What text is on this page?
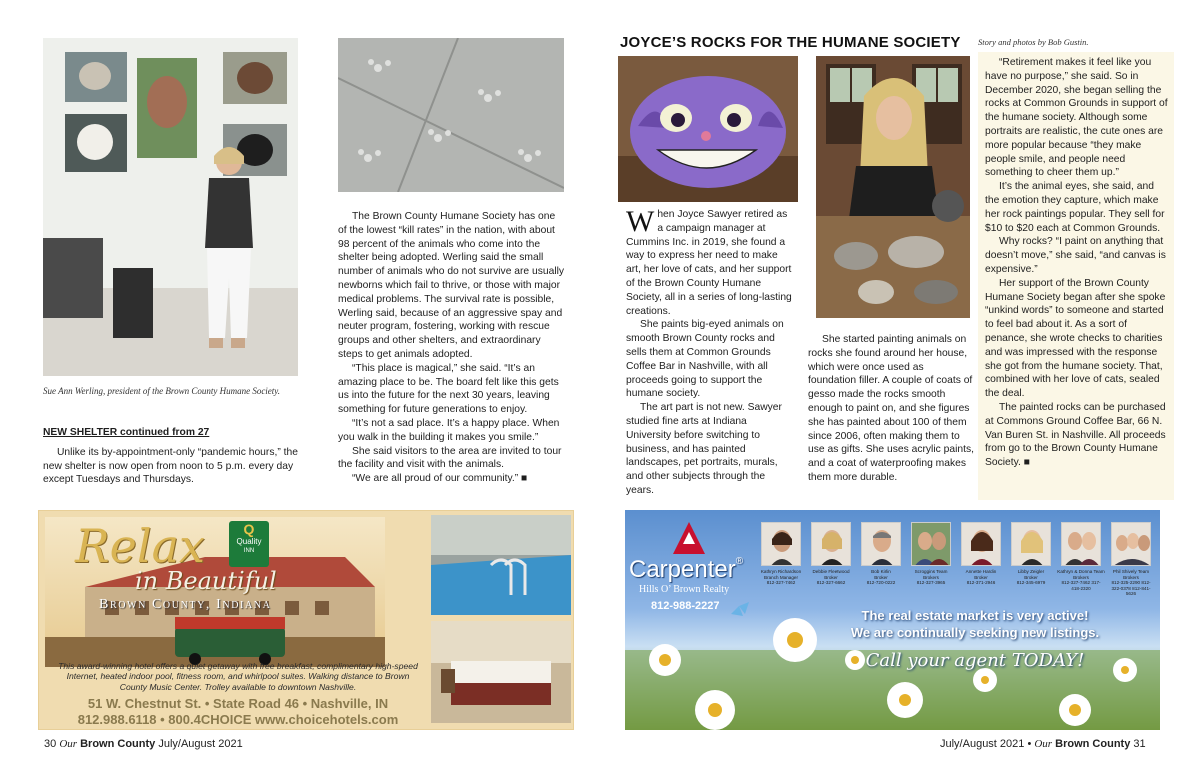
Sue Ann Werling, president of the Brown County Humane Society.
NEW SHELTER continued from 27

Unlike its by-appointment-only “pandemic hours,” the new shelter is now open from noon to 5 p.m. every day except Tuesdays and Thursdays.

The Brown County Humane Society has one of the lowest “kill rates” in the nation, with about 98 percent of the animals who come into the shelter being adopted. Werling said the small number of animals who do not survive are usually newborns which fail to thrive, or those with major medical problems. The survival rate is possible, Werling said, because of an aggressive spay and neuter program, fostering, working with rescue groups and other shelters, and extraordinary steps to get animals adopted.

“This place is magical,” she said. “It’s an amazing place to be. The board felt like this gets us into the future for the next 30 years, leaving something for future generations to enjoy.

“It’s not a sad place. It’s a happy place. When you walk in the building it makes you smile.”

She said visitors to the area are invited to tour the facility and visit with the animals.

“We are all proud of our community.” ■

Relax
in Beautiful
Brown County, Indiana
Q
Quality
INN
This award-winning hotel offers a quiet getaway with free breakfast, complimentary high-speed Internet, heated indoor pool, fitness room, and whirlpool suites. Walking distance to Brown County Music Center. Trolley available to downtown Nashville.
51 W. Chestnut St. • State Road 46 • Nashville, IN
812.988.6118 • 800.4CHOICE www.choicehotels.com
30 Our Brown County July/August 2021
JOYCE’S ROCKS FOR THE HUMANE SOCIETY Story and photos by Bob Gustin.

When Joyce Sawyer retired as a campaign manager at Cummins Inc. in 2019, she found a way to express her need to make art, her love of cats, and her support of the Brown County Humane Society, all in a series of long-lasting creations.

She paints big-eyed animals on smooth Brown County rocks and sells them at Common Grounds Coffee Bar in Nashville, with all proceeds going to support the humane society.

The art part is not new. Sawyer studied fine arts at Indiana University before switching to business, and has painted landscapes, pet portraits, murals, and other subjects through the years.

She started painting animals on rocks she found around her house, which were once used as foundation filler. A couple of coats of gesso made the rocks smooth enough to paint on, and she figures she has painted about 100 of them since 2006, often making them to use as gifts. She uses acrylic paints, and a coat of waterproofing makes them more durable.

“Retirement makes it feel like you have no purpose,” she said. So in December 2020, she began selling the rocks at Common Grounds in support of the humane society. Although some portraits are realistic, the cute ones are more popular because “they make people smile, and people need something to cheer them up.”

It’s the animal eyes, she said, and the emotion they capture, which make her rock paintings popular. They sell for $10 to $20 each at Common Grounds.

Why rocks? “I paint on anything that doesn’t move,” she said, “and canvas is expensive.”

Her support of the Brown County Humane Society began after she spoke “unkind words” to someone and started to feel bad about it. As a sort of penance, she wrote checks to charities and was impressed with the response she got from the humane society. That, combined with her love of cats, sealed the deal.

The painted rocks can be purchased at Commons Ground Coffee Bar, 66 N. Van Buren St. in Nashville. All proceeds from go to the Brown County Humane Society. ■

Carpenter®
Hills O’ Brown Realty
812-988-2227
Kathryn Richardson
Branch Manager
812-327-7462
Debbie Fleetwood
Broker
812-327-6662
Bob Kirlin
Broker
812-720-0222
Scroggins Team
Brokers
812-327-3965
Annette Hardin
Broker
812-371-2946
Libby Zeigler
Broker
812-345-6979
Kathryn & Donna Team
Brokers
812-327-7462 317-418-2320
Phil Shively Team
Brokers
812-325-2290 812-322-0378 812-841-5626
The real estate market is very active!
We are continually seeking new listings.
Call your agent TODAY!
July/August 2021 • Our Brown County 31
